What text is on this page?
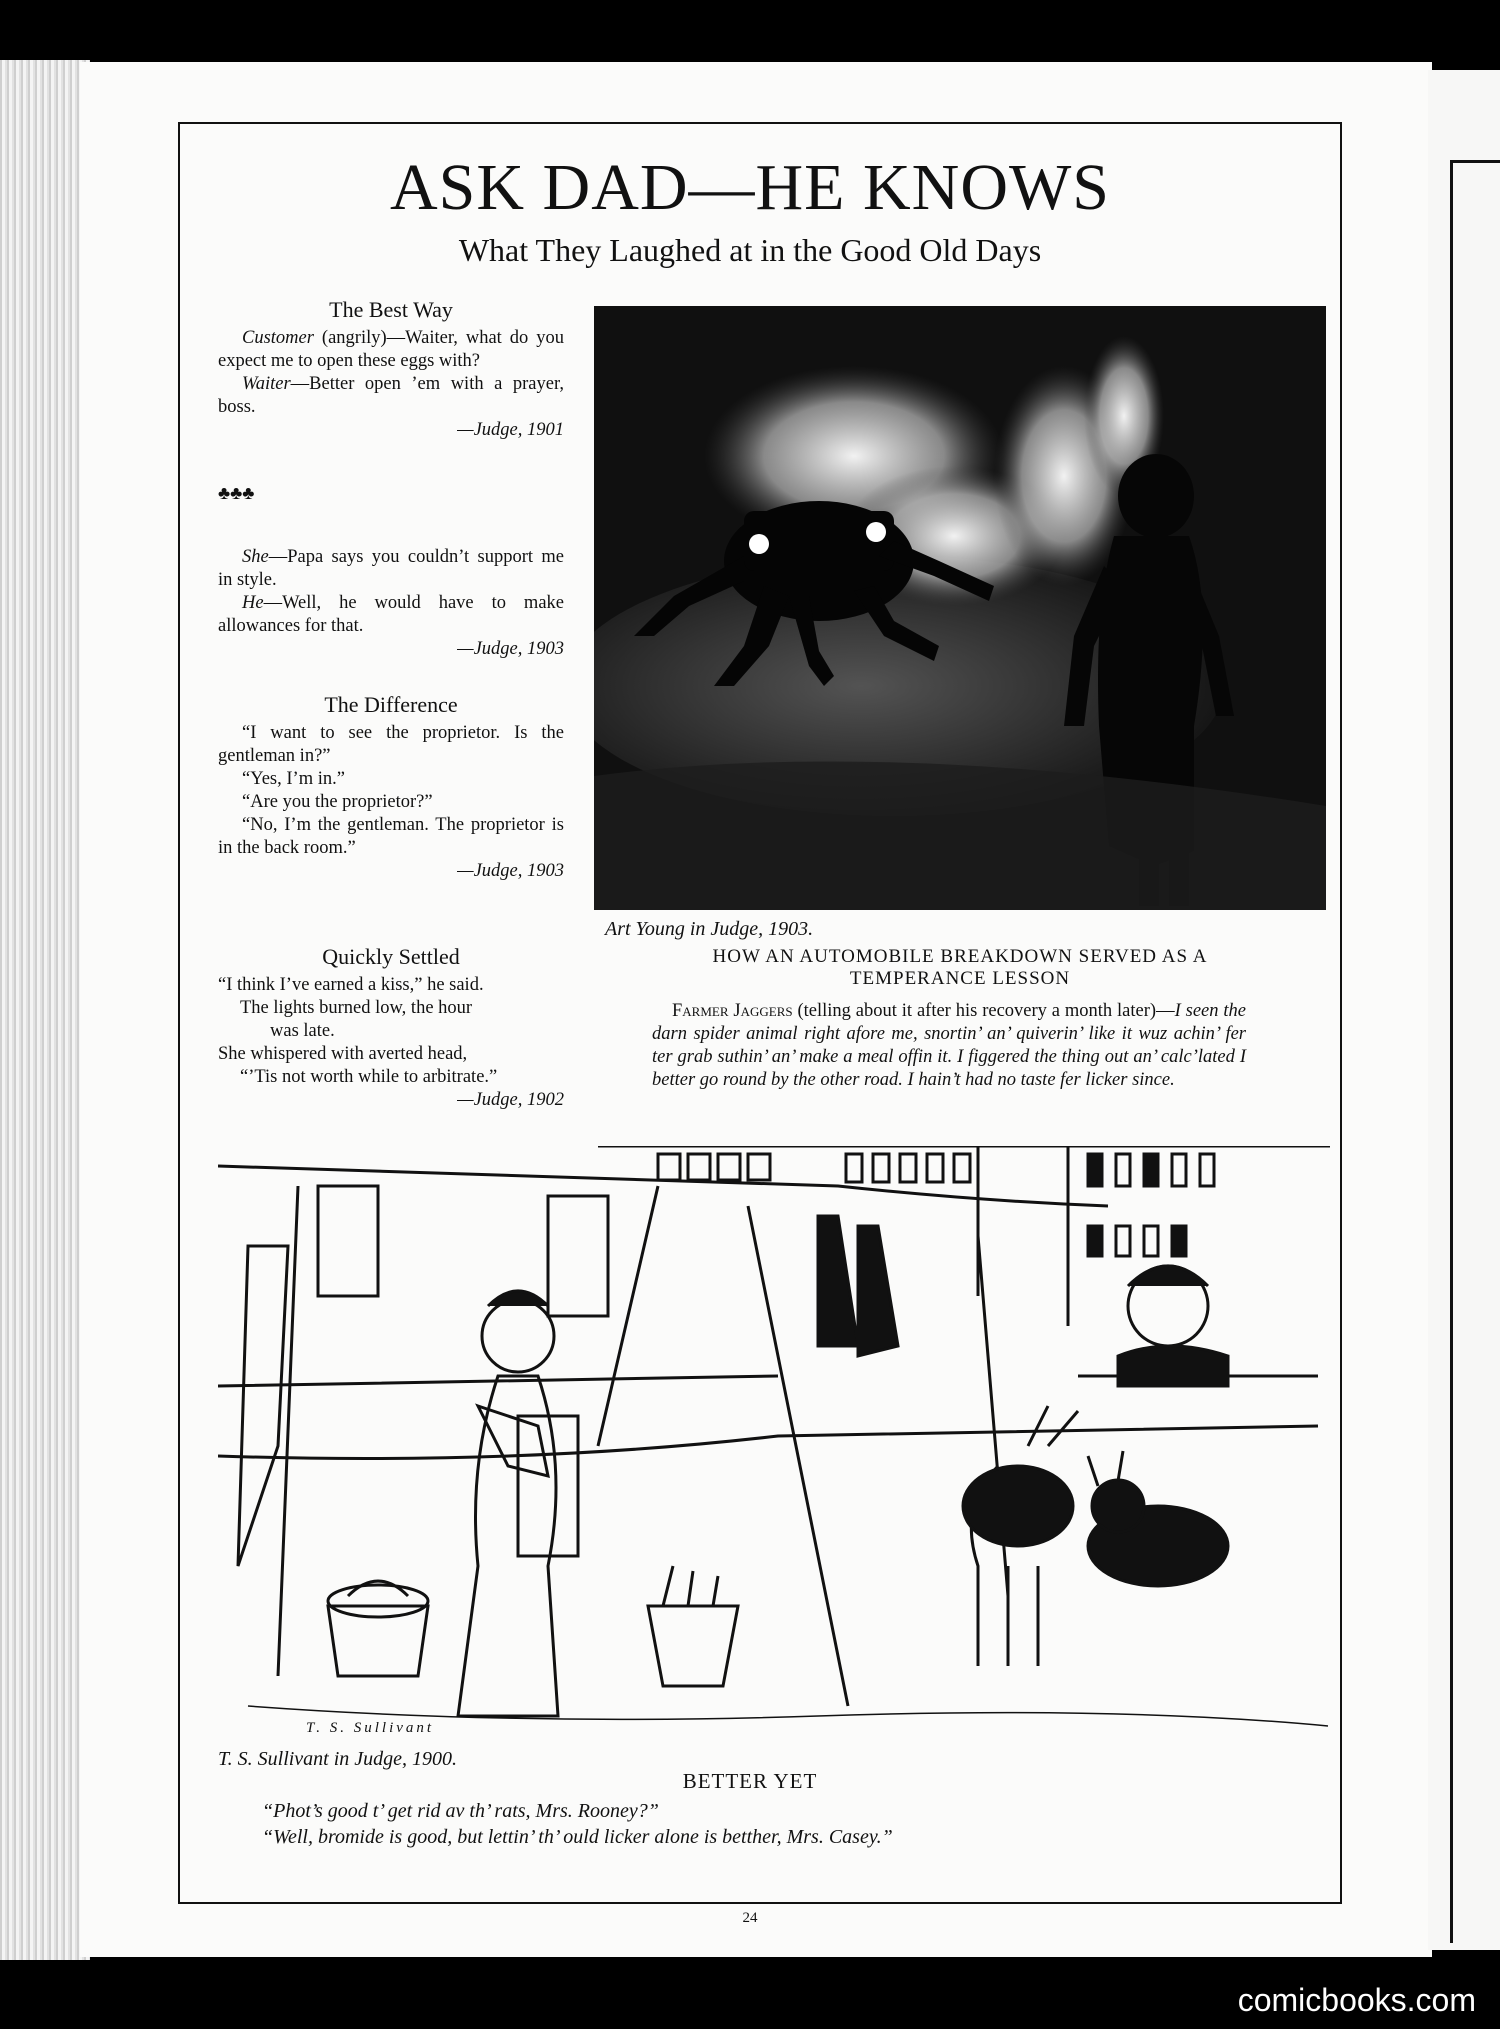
ASK DAD—HE KNOWS
What They Laughed at in the Good Old Days
The Best Way

Customer (angrily)—Waiter, what do you expect me to open these eggs with?

Waiter—Better open ’em with a prayer, boss.

—Judge, 1901
♣♣♣

She—Papa says you couldn’t support me in style.

He—Well, he would have to make allowances for that.

—Judge, 1903
The Difference

“I want to see the proprietor. Is the gentleman in?”

“Yes, I’m in.”

“Are you the proprietor?”

“No, I’m the gentleman. The proprietor is in the back room.”

—Judge, 1903
Quickly Settled

“I think I’ve earned a kiss,” he said.

The lights burned low, the hour

was late.

She whispered with averted head,

“’Tis not worth while to arbitrate.”

—Judge, 1902
Art Young in Judge, 1903.
HOW AN AUTOMOBILE BREAKDOWN SERVED AS A
TEMPERANCE LESSON
Farmer Jaggers (telling about it after his recovery a month later)—I seen the darn spider animal right afore me, snortin’ an’ quiverin’ like it wuz achin’ fer ter grab suthin’ an’ make a meal offin it. I figgered the thing out an’ calc’lated I better go round by the other road. I hain’t had no taste fer licker since.
T. S. Sullivant
T. S. Sullivant in Judge, 1900.
BETTER YET
“Phot’s good t’ get rid av th’ rats, Mrs. Rooney?”
“Well, bromide is good, but lettin’ th’ ould licker alone is betther, Mrs. Casey.”
24
comicbooks.com
